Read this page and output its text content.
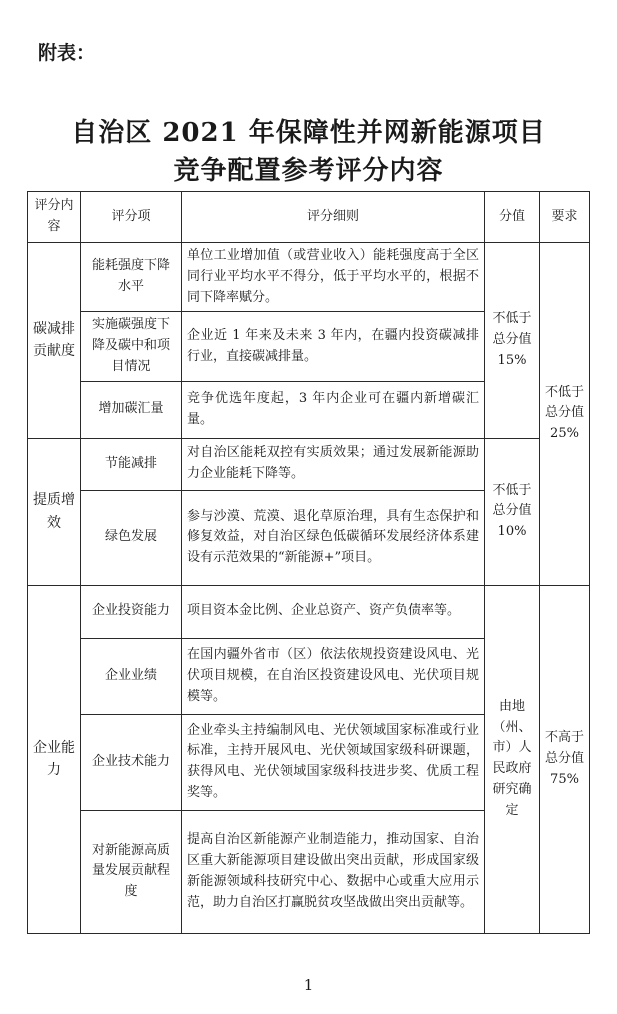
附表：
自治区 2021 年保障性并网新能源项目
竞争配置参考评分内容
评分内容	评分项	评分细则	分值	要求
碳减排贡献度	能耗强度下降水平	单位工业增加值（或营业收入）能耗强度高于全区同行业平均水平不得分，低于平均水平的，根据不同下降率赋分。	不低于总分值15%	不低于总分值25%
	实施碳强度下降及碳中和项目情况	企业近 1 年来及未来 3 年内，在疆内投资碳减排行业，直接碳减排量。		
	增加碳汇量	竞争优选年度起，3 年内企业可在疆内新增碳汇量。		
提质增效	节能减排	对自治区能耗双控有实质效果；通过发展新能源助力企业能耗下降等。	不低于总分值10%	
	绿色发展	参与沙漠、荒漠、退化草原治理，具有生态保护和修复效益，对自治区绿色低碳循环发展经济体系建设有示范效果的“新能源+”项目。		
企业能力	企业投资能力	项目资本金比例、企业总资产、资产负债率等。	由地（州、市）人民政府研究确定	不高于总分值75%
	企业业绩	在国内疆外省市（区）依法依规投资建设风电、光伏项目规模，在自治区投资建设风电、光伏项目规模等。		
	企业技术能力	企业牵头主持编制风电、光伏领域国家标准或行业标准，主持开展风电、光伏领域国家级科研课题，获得风电、光伏领域国家级科技进步奖、优质工程奖等。		
	对新能源高质量发展贡献程度	提高自治区新能源产业制造能力，推动国家、自治区重大新能源项目建设做出突出贡献，形成国家级新能源领域科技研究中心、数据中心或重大应用示范，助力自治区打赢脱贫攻坚战做出突出贡献等。		
1
